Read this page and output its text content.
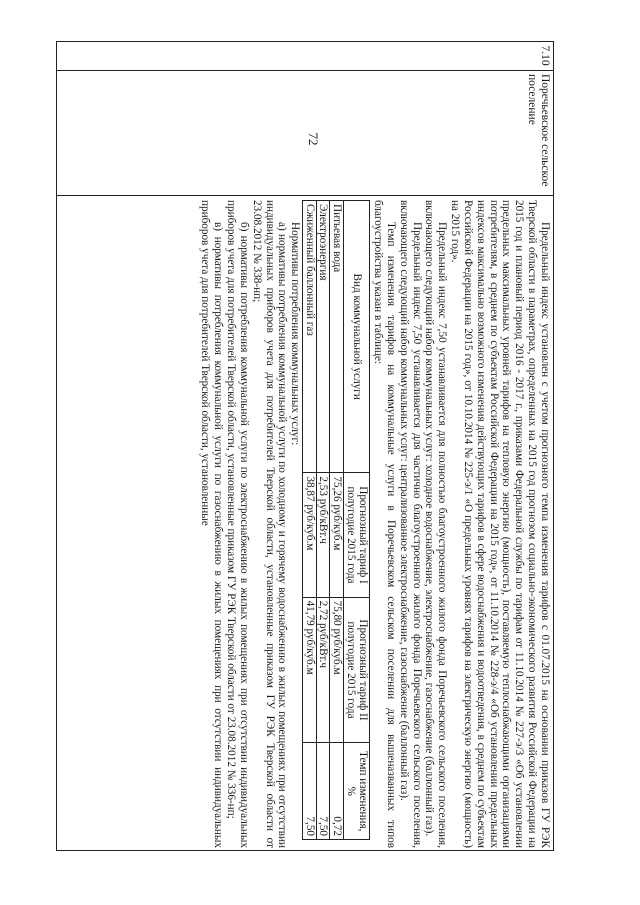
72
7.10
Поречьевское сельское поселение

Предельный индекс установлен с учетом прогнозного темпа изменения тарифов с 01.07.2015 на основании приказов ГУ РЭК Тверской области в параметрах, определенных на 2015 год прогнозом социально-экономического развития Российской Федерации на 2015 год и плановый период 2016 - 2017 г., приказами Федеральной службы по тарифам от 11.10.2014 № 227-э/3 «Об установлении предельных максимальных уровней тарифов на тепловую энергию (мощность), поставляемую теплоснабжающими организациями потребителям, в среднем по субъектам Российской Федерации на 2015 год», от 11.10.2014 № 228-э/4 «Об установлении предельных индексов максимально возможного изменения действующих тарифов в сфере водоснабжения и водоотведения, в среднем по субъектам Российской Федерации на 2015 год», от 10.10.2014 № 225-э/1 «О предельных уровнях тарифов на электрическую энергию (мощность) на 2015 год».

Предельный индекс 7,50 устанавливается для полностью благоустроенного жилого фонда Поречьевского сельского поселения, включающего следующий набор коммунальных услуг: холодное водоснабжение, электроснабжение, газоснабжение (баллонный газ).

Предельный индекс 7,50 устанавливается для частично благоустроенного жилого фонда Поречьевского сельского поселения, включающего следующий набор коммунальных услуг: централизованное электроснабжение, газоснабжение (баллонный газ).

Темп изменения тарифов на коммунальные услуги в Поречьевском сельском поселении для вышеназванных типов благоустройства указан в таблице:

Вид коммунальной услуги	Прогнозный тариф I полугодие 2015 года	Прогнозный тариф II полугодие 2015 года	Темп изменения, %
Питьевая вода	75,26 руб/куб.м	75,80 руб/куб.м	0,72
Электроэнергия	2,53 руб/кВт.ч	2,72 руб/кВт.ч	7,50
Сжиженный баллонный газ	38,87 руб/куб.м	41,79 руб/куб.м	7,50

Нормативы потребления коммунальных услуг:

а) нормативы потребления коммунальной услуги по холодному и горячему водоснабжению в жилых помещениях при отсутствии индивидуальных приборов учета для потребителей Тверской области, установленные приказом ГУ РЭК Тверской области от 23.08.2012 № 338-нп;

б) нормативы потребления коммунальной услуги по электроснабжению в жилых помещениях при отсутствии индивидуальных приборов учета для потребителей Тверской области, установленные приказом ГУ РЭК Тверской области от 23.08.2012 № 336-нп;

в) нормативы потребления коммунальной услуги по газоснабжению в жилых помещениях при отсутствии индивидуальных приборов учета для потребителей Тверской области, установленные
